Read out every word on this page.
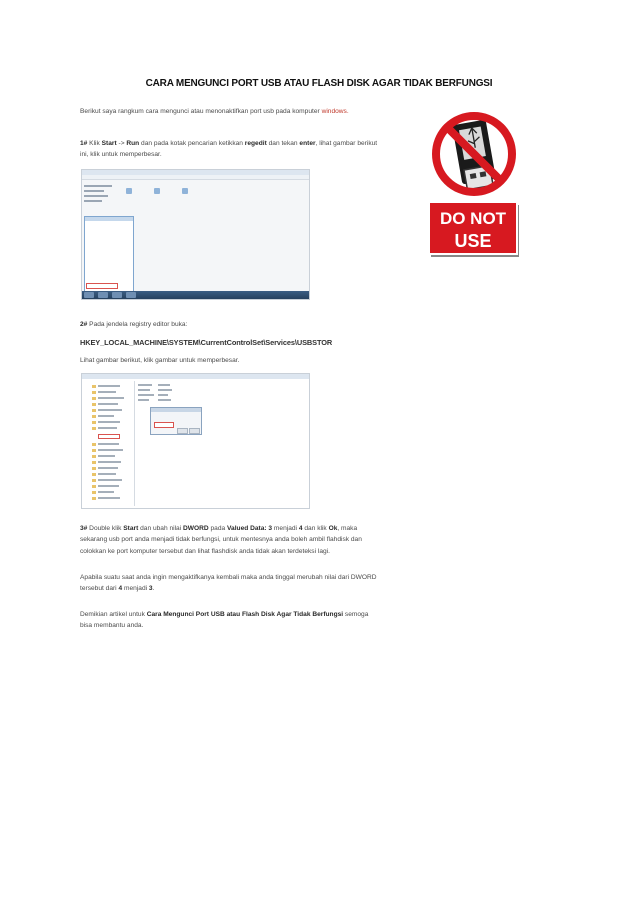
CARA MENGUNCI PORT USB ATAU FLASH DISK AGAR TIDAK BERFUNGSI

Berikut saya rangkum cara mengunci atau menonaktifkan port usb pada komputer windows.

1# Klik Start -> Run dan pada kotak pencarian ketikkan regedit dan tekan enter, lihat gambar berikut ini, klik untuk memperbesar.

2# Pada jendela registry editor buka:

HKEY_LOCAL_MACHINE\SYSTEM\CurrentControlSet\Services\USBSTOR

Lihat gambar berikut, klik gambar untuk memperbesar.

3# Double klik Start dan ubah nilai DWORD pada Valued Data: 3 menjadi 4 dan klik Ok, maka sekarang usb port anda menjadi tidak berfungsi, untuk mentesnya anda boleh ambil flahdisk dan colokkan ke port komputer tersebut dan lihat flashdisk anda tidak akan terdeteksi lagi.

Apabila suatu saat anda ingin mengaktifkanya kembali maka anda tinggal merubah nilai dari DWORD tersebut dari 4 menjadi 3.

Demikian artikel untuk Cara Mengunci Port USB atau Flash Disk Agar Tidak Berfungsi semoga bisa membantu anda.

DO NOT
USE
